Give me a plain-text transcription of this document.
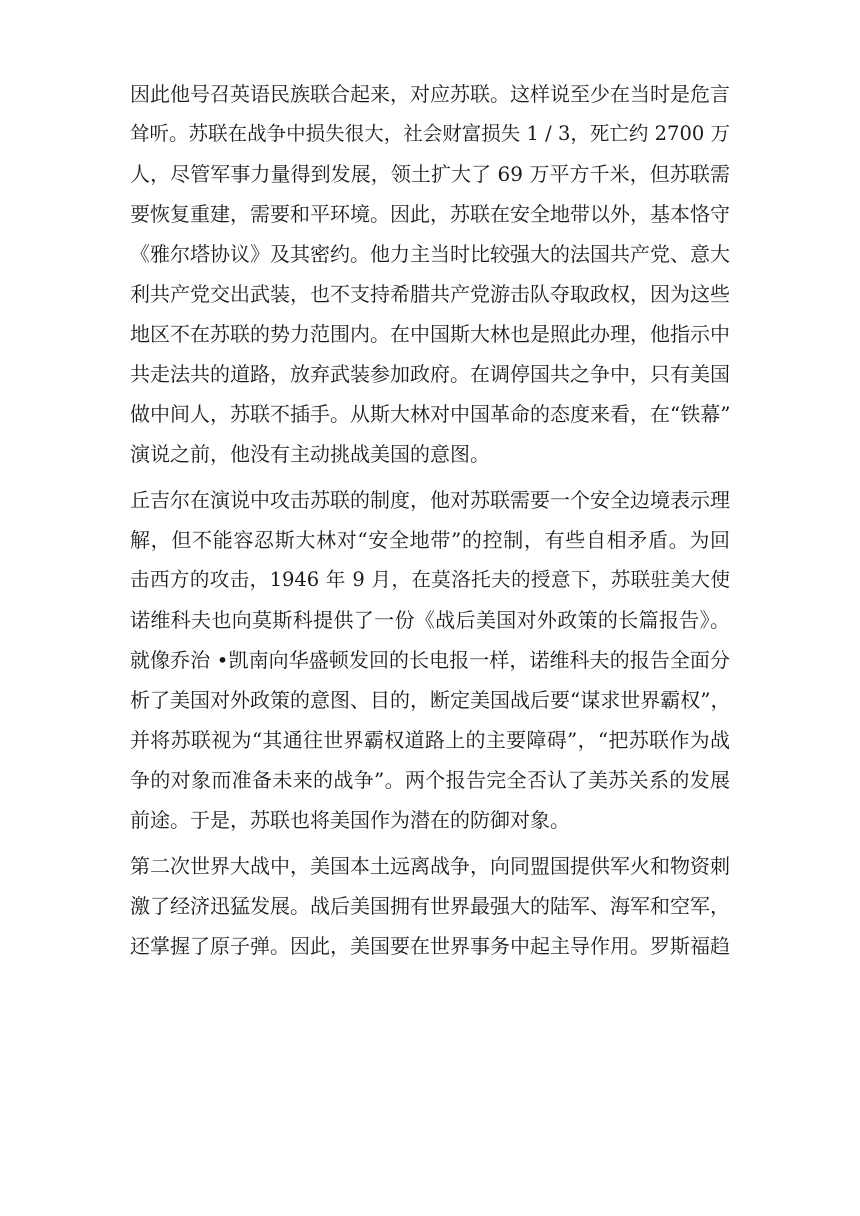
因此他号召英语民族联合起来，对应苏联。这样说至少在当时是危言
耸听。苏联在战争中损失很大，社会财富损失 1 / 3，死亡约 2700 万
人，尽管军事力量得到发展，领土扩大了 69 万平方千米，但苏联需
要恢复重建，需要和平环境。因此，苏联在安全地带以外，基本恪守
《雅尔塔协议》及其密约。他力主当时比较强大的法国共产党、意大
利共产党交出武装，也不支持希腊共产党游击队夺取政权，因为这些
地区不在苏联的势力范围内。在中国斯大林也是照此办理，他指示中
共走法共的道路，放弃武装参加政府。在调停国共之争中，只有美国
做中间人，苏联不插手。从斯大林对中国革命的态度来看，在“铁幕”
演说之前，他没有主动挑战美国的意图。
丘吉尔在演说中攻击苏联的制度，他对苏联需要一个安全边境表示理
解，但不能容忍斯大林对“安全地带”的控制，有些自相矛盾。为回
击西方的攻击，1946 年 9 月，在莫洛托夫的授意下，苏联驻美大使
诺维科夫也向莫斯科提供了一份《战后美国对外政策的长篇报告》。
就像乔治 •凯南向华盛顿发回的长电报一样，诺维科夫的报告全面分
析了美国对外政策的意图、目的，断定美国战后要“谋求世界霸权”，
并将苏联视为“其通往世界霸权道路上的主要障碍”，“把苏联作为战
争的对象而准备未来的战争”。两个报告完全否认了美苏关系的发展
前途。于是，苏联也将美国作为潜在的防御对象。
第二次世界大战中，美国本土远离战争，向同盟国提供军火和物资刺
激了经济迅猛发展。战后美国拥有世界最强大的陆军、海军和空军，
还掌握了原子弹。因此，美国要在世界事务中起主导作用。罗斯福趋
